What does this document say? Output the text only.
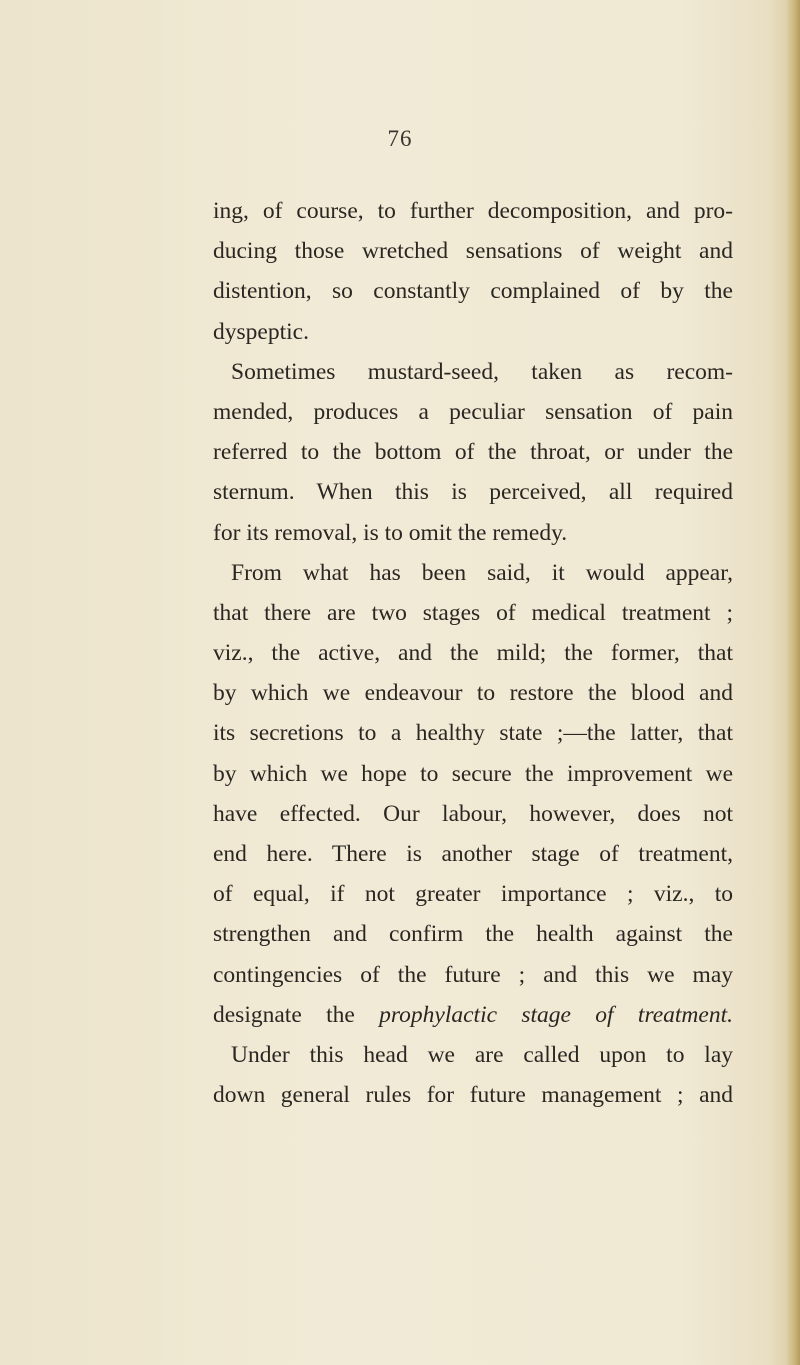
76
ing, of course, to further decomposition, and pro-
ducing those wretched sensations of weight and
distention, so constantly complained of by the
dyspeptic.
Sometimes mustard-seed, taken as recom-
mended, produces a peculiar sensation of pain
referred to the bottom of the throat, or under the
sternum. When this is perceived, all required
for its removal, is to omit the remedy.
From what has been said, it would appear,
that there are two stages of medical treatment ;
viz., the active, and the mild; the former, that
by which we endeavour to restore the blood and
its secretions to a healthy state ;—the latter, that
by which we hope to secure the improvement we
have effected. Our labour, however, does not
end here. There is another stage of treatment,
of equal, if not greater importance ; viz., to
strengthen and confirm the health against the
contingencies of the future ; and this we may
designate the prophylactic stage of treatment.
Under this head we are called upon to lay
down general rules for future management ; and
